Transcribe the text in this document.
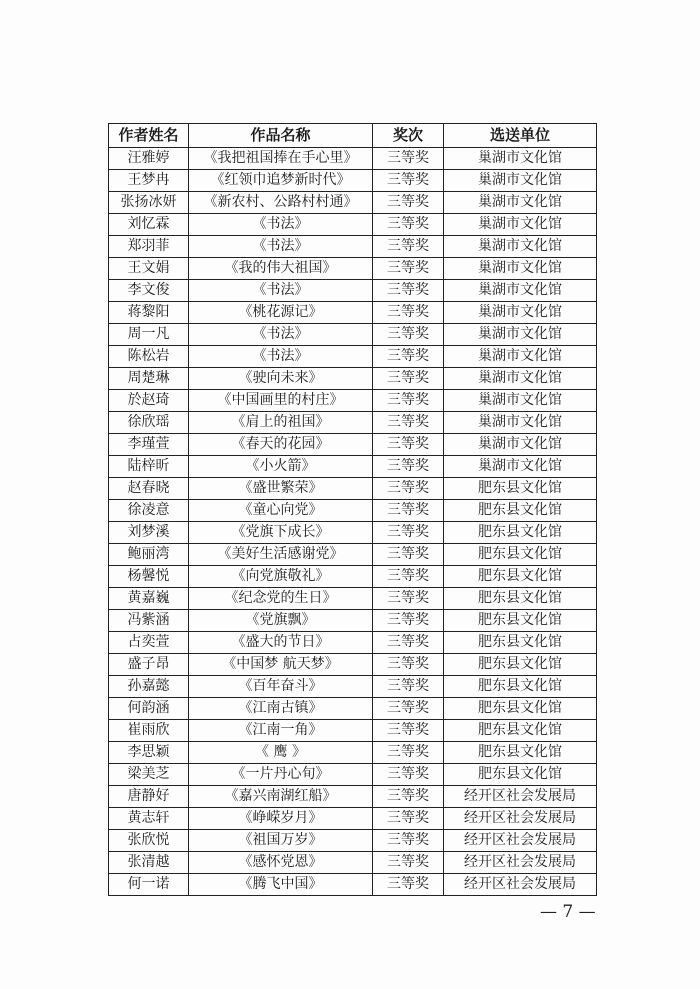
作者姓名	作品名称	奖次	选送单位
汪雅婷	《我把祖国捧在手心里》	三等奖	巢湖市文化馆
王梦冉	《红领巾追梦新时代》	三等奖	巢湖市文化馆
张扬冰妍	《新农村、公路村村通》	三等奖	巢湖市文化馆
刘忆霖	《书法》	三等奖	巢湖市文化馆
郑羽菲	《书法》	三等奖	巢湖市文化馆
王文娟	《我的伟大祖国》	三等奖	巢湖市文化馆
李文俊	《书法》	三等奖	巢湖市文化馆
蒋黎阳	《桃花源记》	三等奖	巢湖市文化馆
周一凡	《书法》	三等奖	巢湖市文化馆
陈松岩	《书法》	三等奖	巢湖市文化馆
周楚琳	《驶向未来》	三等奖	巢湖市文化馆
於赵琦	《中国画里的村庄》	三等奖	巢湖市文化馆
徐欣瑶	《肩上的祖国》	三等奖	巢湖市文化馆
李瑾萱	《春天的花园》	三等奖	巢湖市文化馆
陆梓昕	《小火箭》	三等奖	巢湖市文化馆
赵春晓	《盛世繁荣》	三等奖	肥东县文化馆
徐凌意	《童心向党》	三等奖	肥东县文化馆
刘梦溪	《党旗下成长》	三等奖	肥东县文化馆
鲍丽湾	《美好生活感谢党》	三等奖	肥东县文化馆
杨馨悦	《向党旗敬礼》	三等奖	肥东县文化馆
黄嘉巍	《纪念党的生日》	三等奖	肥东县文化馆
冯紫涵	《党旗飘》	三等奖	肥东县文化馆
占奕萱	《盛大的节日》	三等奖	肥东县文化馆
盛子昂	《中国梦 航天梦》	三等奖	肥东县文化馆
孙嘉懿	《百年奋斗》	三等奖	肥东县文化馆
何韵涵	《江南古镇》	三等奖	肥东县文化馆
崔雨欣	《江南一角》	三等奖	肥东县文化馆
李思颖	《 鹰 》	三等奖	肥东县文化馆
梁美芝	《一片丹心旬》	三等奖	肥东县文化馆
唐静好	《嘉兴南湖红船》	三等奖	经开区社会发展局
黄志轩	《峥嵘岁月》	三等奖	经开区社会发展局
张欣悦	《祖国万岁》	三等奖	经开区社会发展局
张清越	《感怀党恩》	三等奖	经开区社会发展局
何一诺	《腾飞中国》	三等奖	经开区社会发展局
— 7 —
